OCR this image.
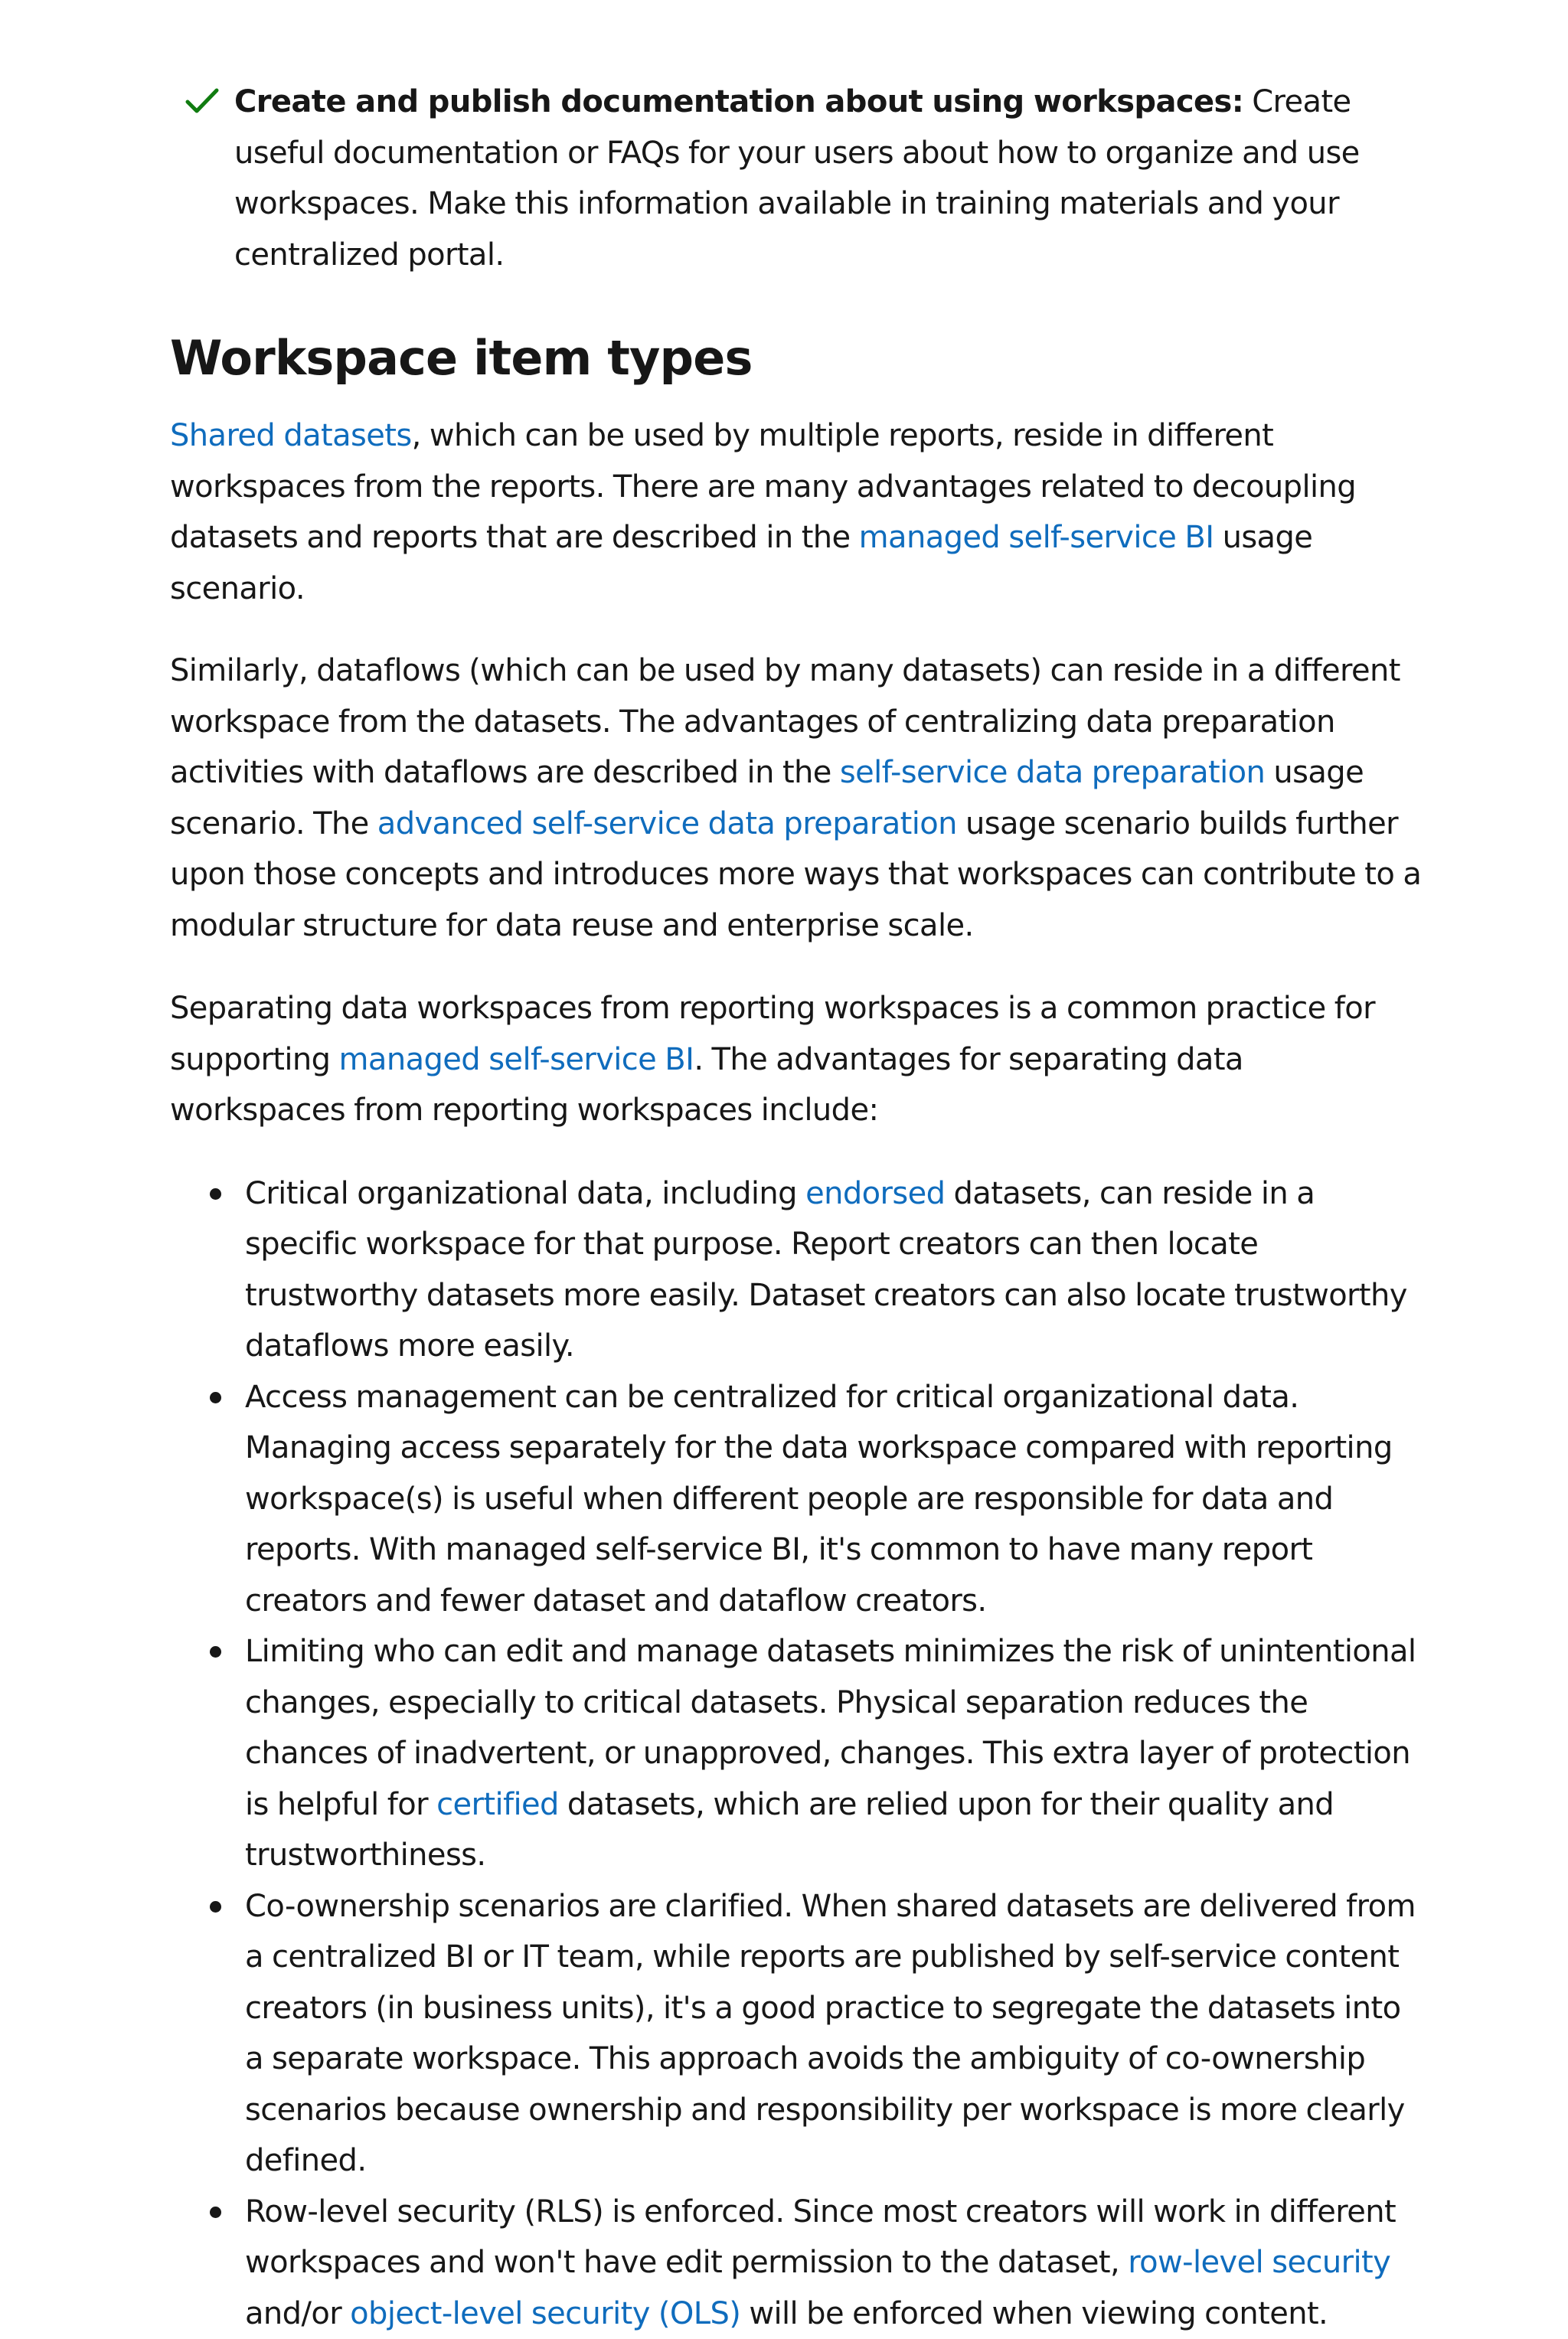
Create and publish documentation about using workspaces: Create useful documentation or FAQs for your users about how to organize and use workspaces. Make this information available in training materials and your centralized portal.
Workspace item types

Shared datasets, which can be used by multiple reports, reside in different workspaces from the reports. There are many advantages related to decoupling datasets and reports that are described in the managed self-service BI usage scenario.

Similarly, dataflows (which can be used by many datasets) can reside in a different workspace from the datasets. The advantages of centralizing data preparation activities with dataflows are described in the self-service data preparation usage scenario. The advanced self-service data preparation usage scenario builds further upon those concepts and introduces more ways that workspaces can contribute to a modular structure for data reuse and enterprise scale.

Separating data workspaces from reporting workspaces is a common practice for supporting managed self-service BI. The advantages for separating data workspaces from reporting workspaces include:

Critical organizational data, including endorsed datasets, can reside in a specific workspace for that purpose. Report creators can then locate trustworthy datasets more easily. Dataset creators can also locate trustworthy dataflows more easily.
Access management can be centralized for critical organizational data. Managing access separately for the data workspace compared with reporting workspace(s) is useful when different people are responsible for data and reports. With managed self-service BI, it's common to have many report creators and fewer dataset and dataflow creators.
Limiting who can edit and manage datasets minimizes the risk of unintentional changes, especially to critical datasets. Physical separation reduces the chances of inadvertent, or unapproved, changes. This extra layer of protection is helpful for certified datasets, which are relied upon for their quality and trustworthiness.
Co-ownership scenarios are clarified. When shared datasets are delivered from a centralized BI or IT team, while reports are published by self-service content creators (in business units), it's a good practice to segregate the datasets into a separate workspace. This approach avoids the ambiguity of co-ownership scenarios because ownership and responsibility per workspace is more clearly defined.
Row-level security (RLS) is enforced. Since most creators will work in different workspaces and won't have edit permission to the dataset, row-level security and/or object-level security (OLS) will be enforced when viewing content.
